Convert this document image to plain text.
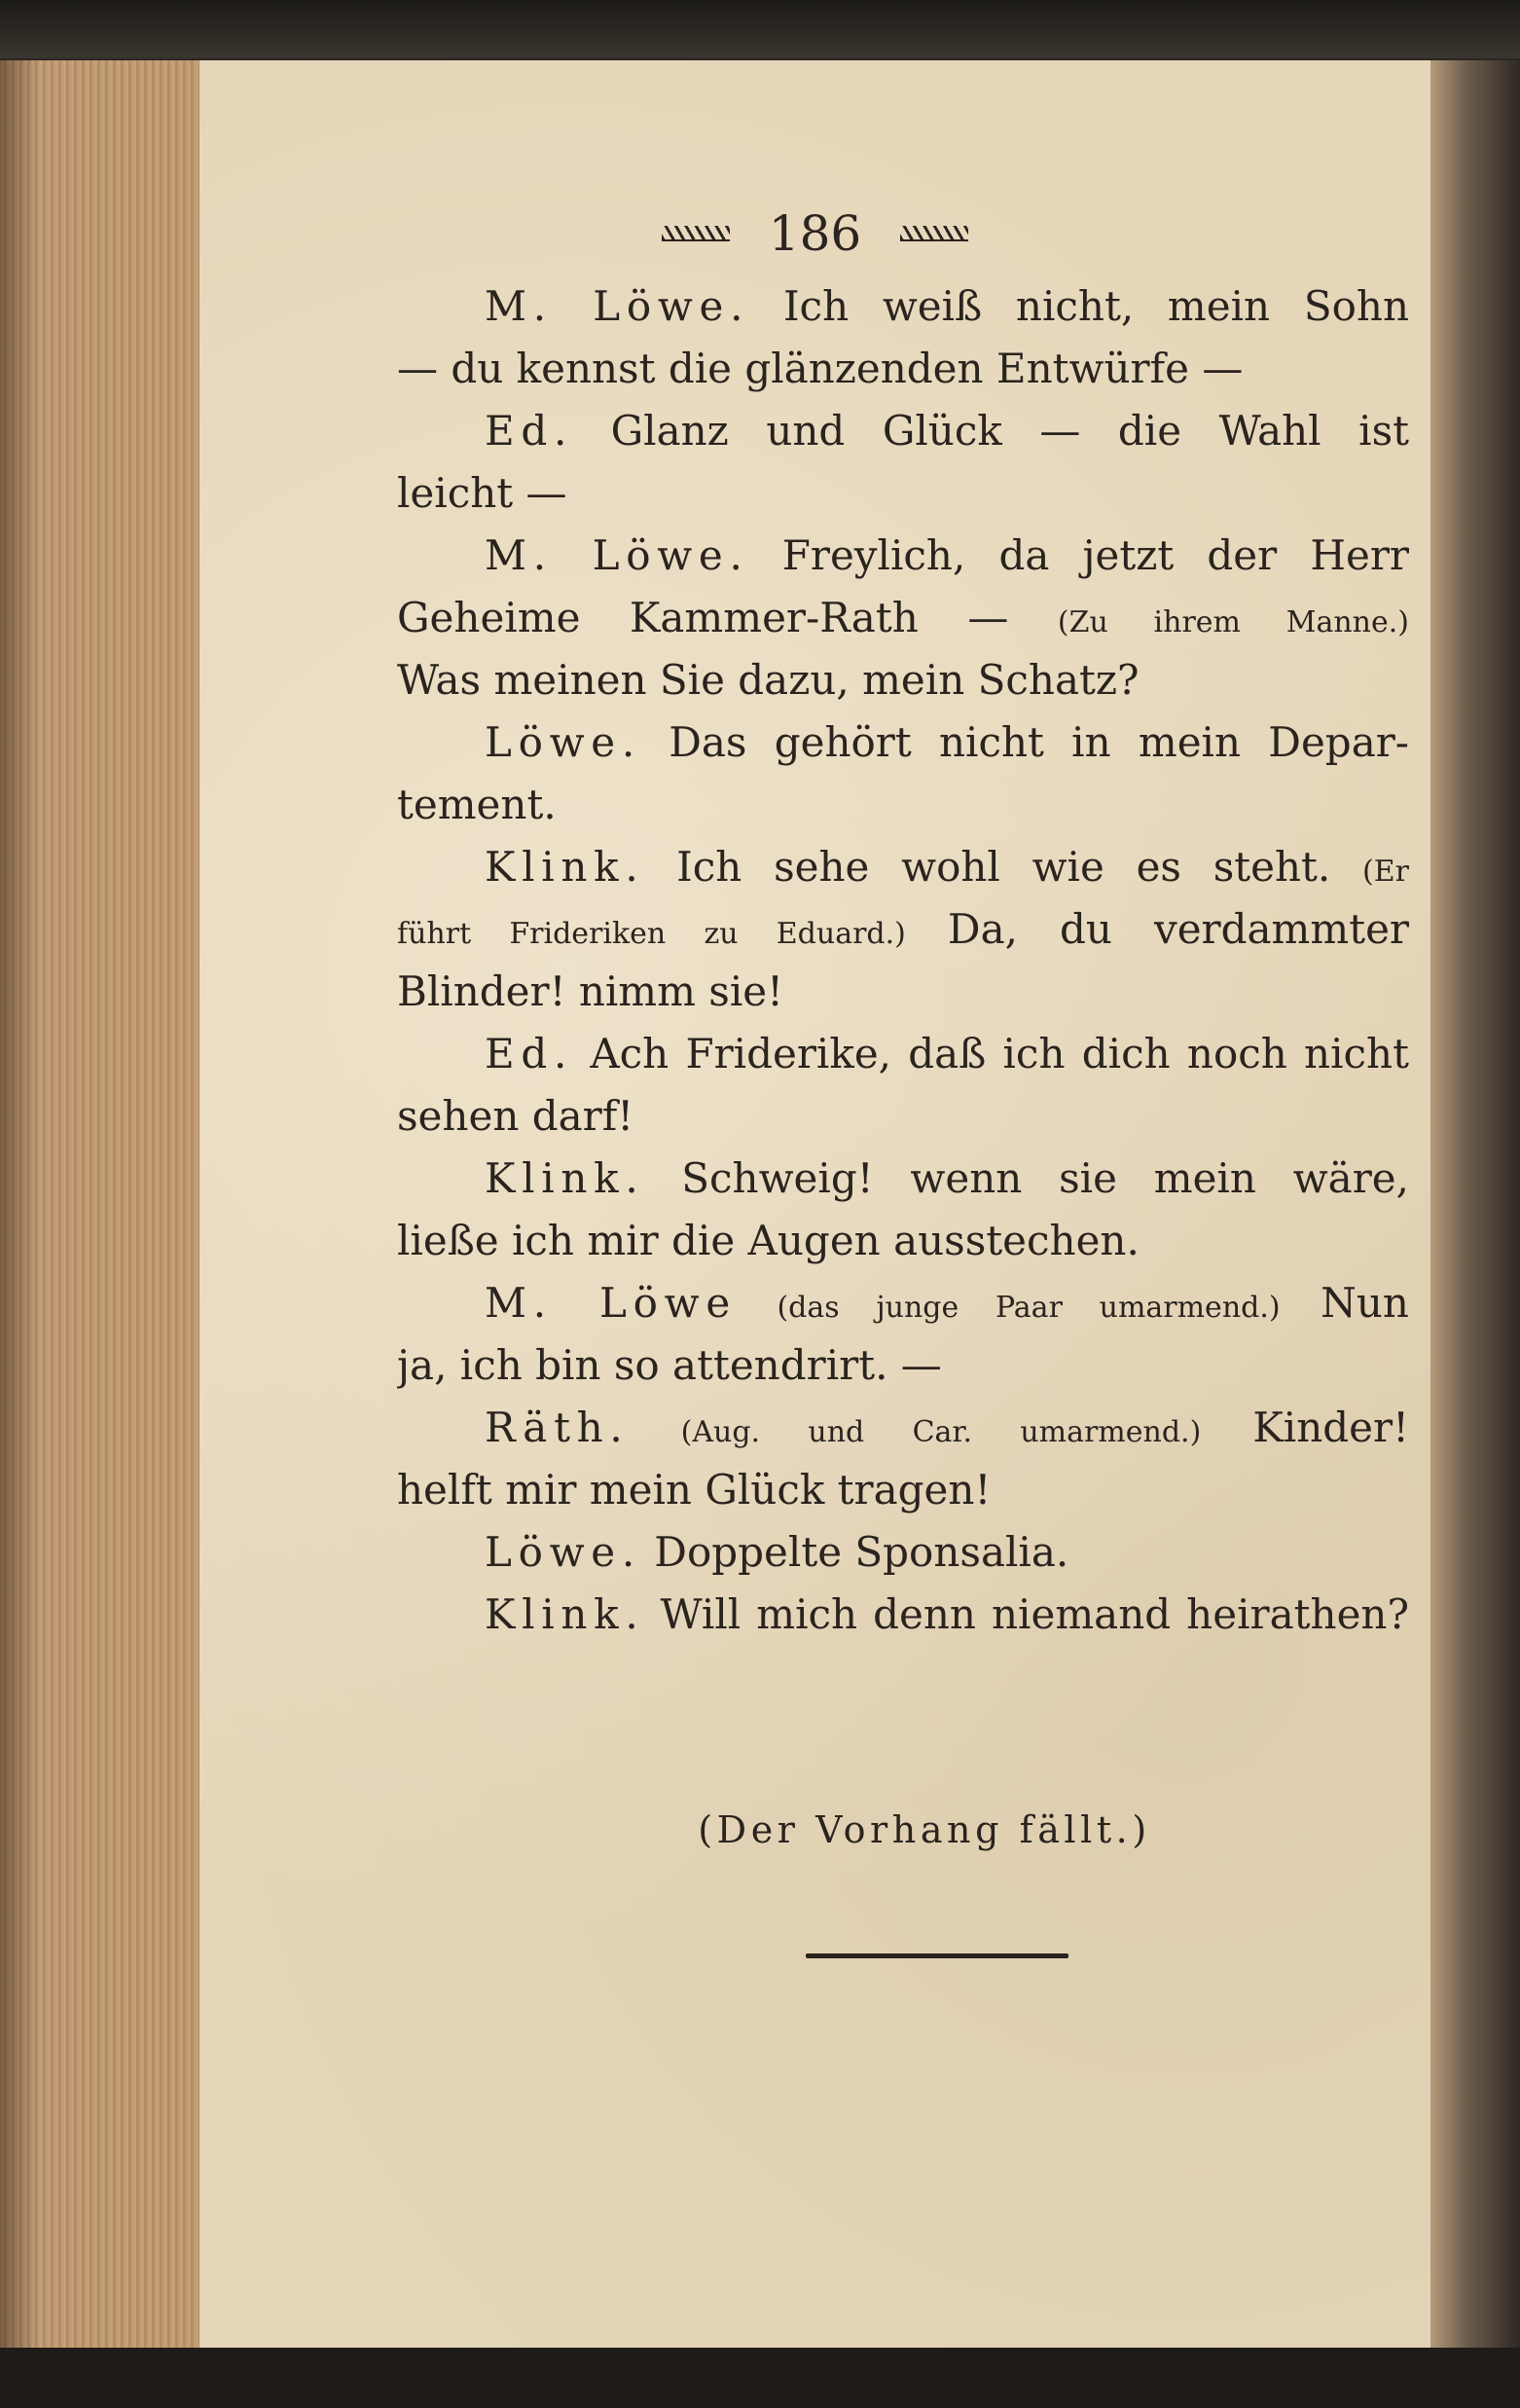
186
M. Löwe. Ich weiß nicht, mein Sohn
— du kennst die glänzenden Entwürfe —
Ed. Glanz und Glück — die Wahl ist
leicht —
M. Löwe. Freylich, da jetzt der Herr
Geheime Kammer-Rath — (Zu ihrem Manne.)
Was meinen Sie dazu, mein Schatz?
Löwe. Das gehört nicht in mein Depar-
tement.
Klink. Ich sehe wohl wie es steht. (Er
führt Frideriken zu Eduard.) Da, du verdammter
Blinder! nimm sie!
Ed. Ach Friderike, daß ich dich noch nicht
sehen darf!
Klink. Schweig! wenn sie mein wäre,
ließe ich mir die Augen ausstechen.
M. Löwe (das junge Paar umarmend.) Nun
ja, ich bin so attendrirt. —
Räth. (Aug. und Car. umarmend.) Kinder!
helft mir mein Glück tragen!
Löwe. Doppelte Sponsalia.
Klink. Will mich denn niemand heirathen?
(Der Vorhang fällt.)
